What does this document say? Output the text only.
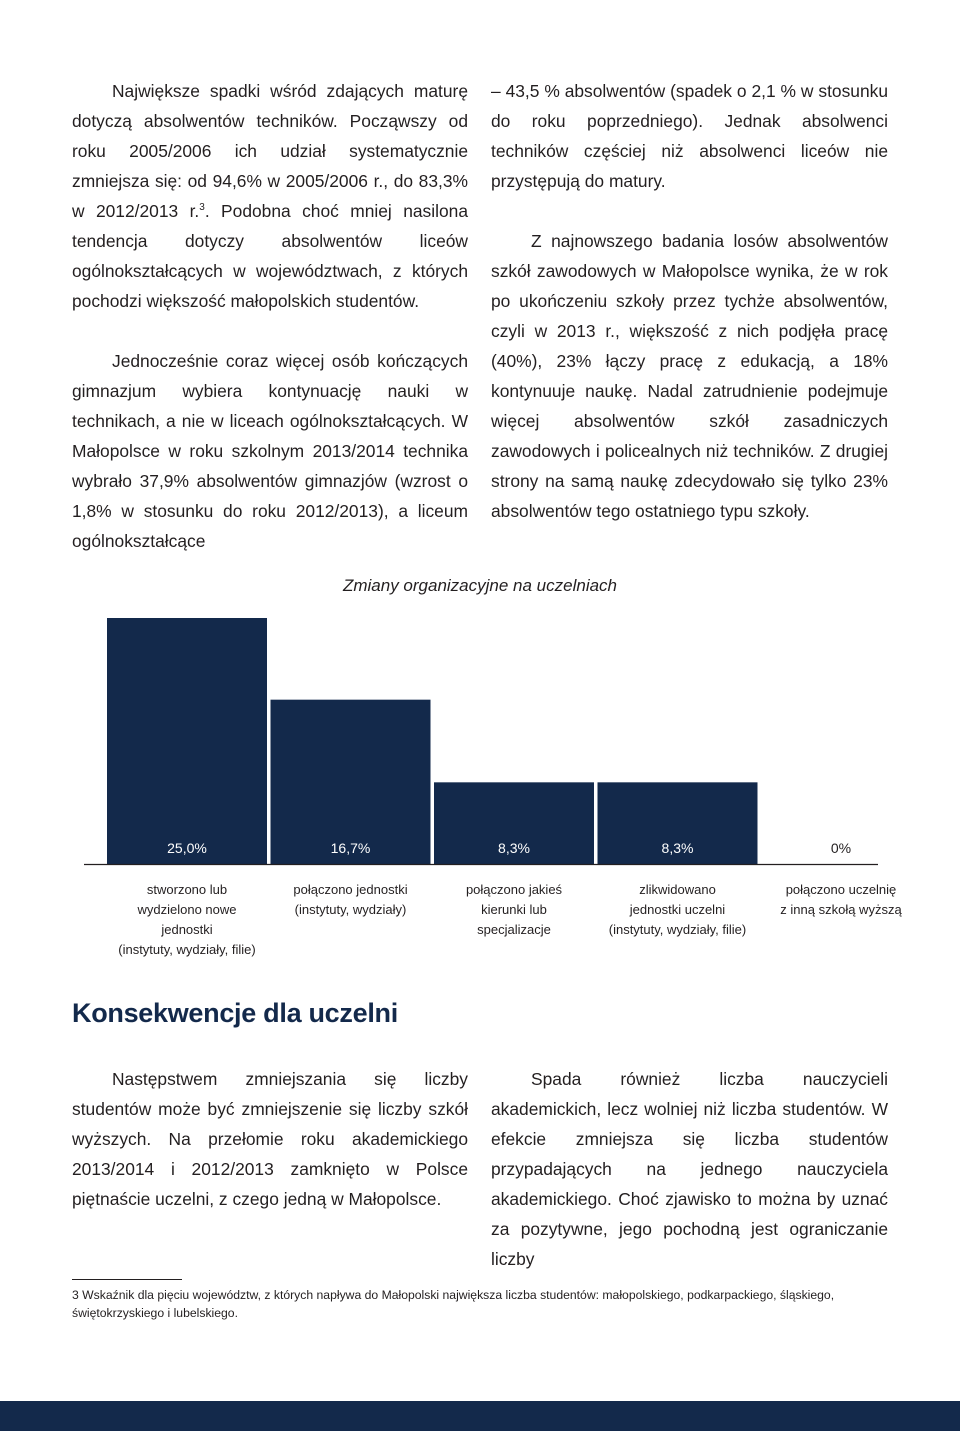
Największe spadki wśród zdających maturę dotyczą absolwentów techników. Począwszy od roku 2005/2006 ich udział systematycznie zmniejsza się: od 94,6% w 2005/2006 r., do 83,3% w 2012/2013 r.$^3$. Podobna choć mniej nasilona tendencja dotyczy absolwentów liceów ogólnokształcących w województwach, z których pochodzi większość małopolskich studentów.

Jednocześnie coraz więcej osób kończących gimnazjum wybiera kontynuację nauki w technikach, a nie w liceach ogólnokształcących. W Małopolsce w roku szkolnym 2013/2014 technika wybrało 37,9% absolwentów gimnazjów (wzrost o 1,8% w stosunku do roku 2012/2013), a liceum ogólnokształcące

– 43,5 % absolwentów (spadek o 2,1 % w stosunku do roku poprzedniego). Jednak absolwenci techników częściej niż absolwenci liceów nie przystępują do matury.

Z najnowszego badania losów absolwentów szkół zawodowych w Małopolsce wynika, że w rok po ukończeniu szkoły przez tychże absolwentów, czyli w 2013 r., większość z nich podjęła pracę (40%), 23% łączy pracę z edukacją, a 18% kontynuuje naukę. Nadal zatrudnienie podejmuje więcej absolwentów szkół zasadniczych zawodowych i policealnych niż techników. Z drugiej strony na samą naukę zdecydowało się tylko 23% absolwentów tego ostatniego typu szkoły.

Zmiany organizacyjne na uczelniach
25,0%	16,7%	8,3%	8,3%	0%
stworzono lub
wydzielono nowe
jednostki
(instytuty, wydziały, filie)
połączono jednostki
(instytuty, wydziały)
połączono jakieś
kierunki lub
specjalizacje
zlikwidowano
jednostki uczelni
(instytuty, wydziały, filie)
połączono uczelnię
z inną szkołą wyższą
Konsekwencje dla uczelni

Następstwem zmniejszania się liczby studentów może być zmniejszenie się liczby szkół wyższych. Na przełomie roku akademickiego 2013/2014 i 2012/2013 zamknięto w Polsce piętnaście uczelni, z czego jedną w Małopolsce.

Spada również liczba nauczycieli akademickich, lecz wolniej niż liczba studentów. W efekcie zmniejsza się liczba studentów przypadających na jednego nauczyciela akademickiego. Choć zjawisko to można by uznać za pozytywne, jego pochodną jest ograniczanie liczby

3 Wskaźnik dla pięciu województw, z których napływa do Małopolski największa liczba studentów: małopolskiego, podkarpackiego, śląskiego, świętokrzyskiego i lubelskiego.
